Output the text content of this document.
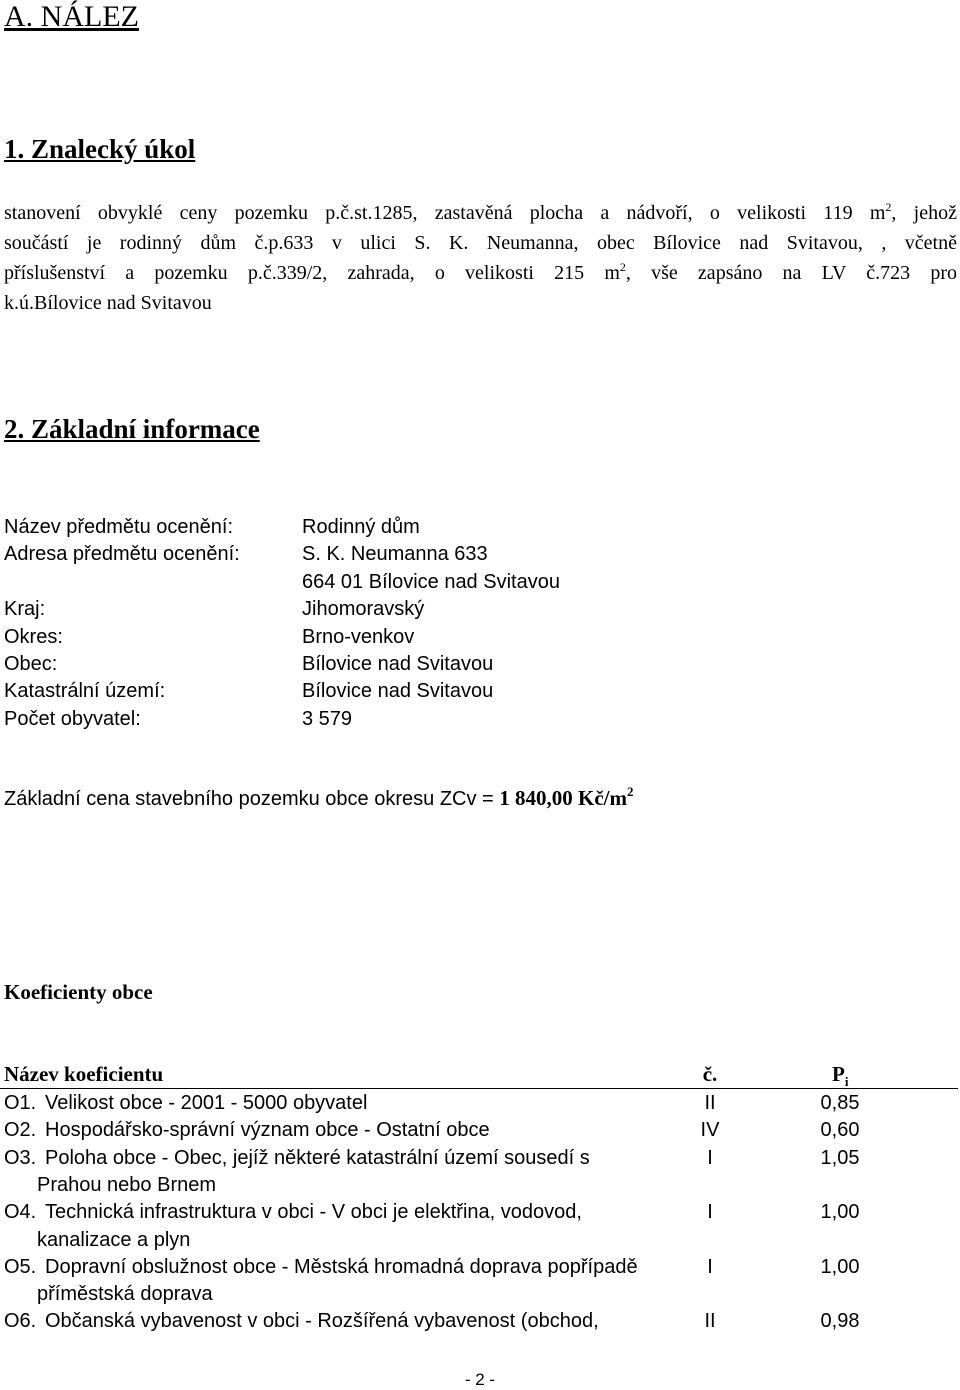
A. NÁLEZ
1. Znalecký úkol
stanovení obvyklé ceny pozemku p.č.st.1285, zastavěná plocha a nádvoří, o velikosti 119 $m^2$, jehož
součástí je rodinný dům č.p.633 v ulici S. K. Neumanna, obec Bílovice nad Svitavou, , včetně
příslušenství a pozemku p.č.339/2, zahrada, o velikosti 215 $m^2$, vše zapsáno na LV č.723 pro
k.ú.Bílovice nad Svitavou
2. Základní informace
Název předmětu ocenění:	Rodinný dům
Adresa předmětu ocenění:	S. K. Neumanna 633
664 01 Bílovice nad Svitavou
Kraj:	Jihomoravský
Okres:	Brno-venkov
Obec:	Bílovice nad Svitavou
Katastrální území:	Bílovice nad Svitavou
Počet obyvatel:	3 579
Základní cena stavebního pozemku obce okresu ZCv = 1 840,00 $Kč/m^2$
Koeficienty obce
Název koeficientu	č.	$P_i$
O1. Velikost obce - 2001 - 5000 obyvatel	II	0,85
O2. Hospodářsko-správní význam obce - Ostatní obce	IV	0,60
O3. Poloha obce - Obec, jejíž některé katastrální území sousedí s	I	1,05
Prahou nebo Brnem
O4. Technická infrastruktura v obci - V obci je elektřina, vodovod,	I	1,00
kanalizace a plyn
O5. Dopravní obslužnost obce - Městská hromadná doprava popřípadě	I	1,00
příměstská doprava
O6. Občanská vybavenost v obci - Rozšířená vybavenost (obchod,	II	0,98
- 2 -
